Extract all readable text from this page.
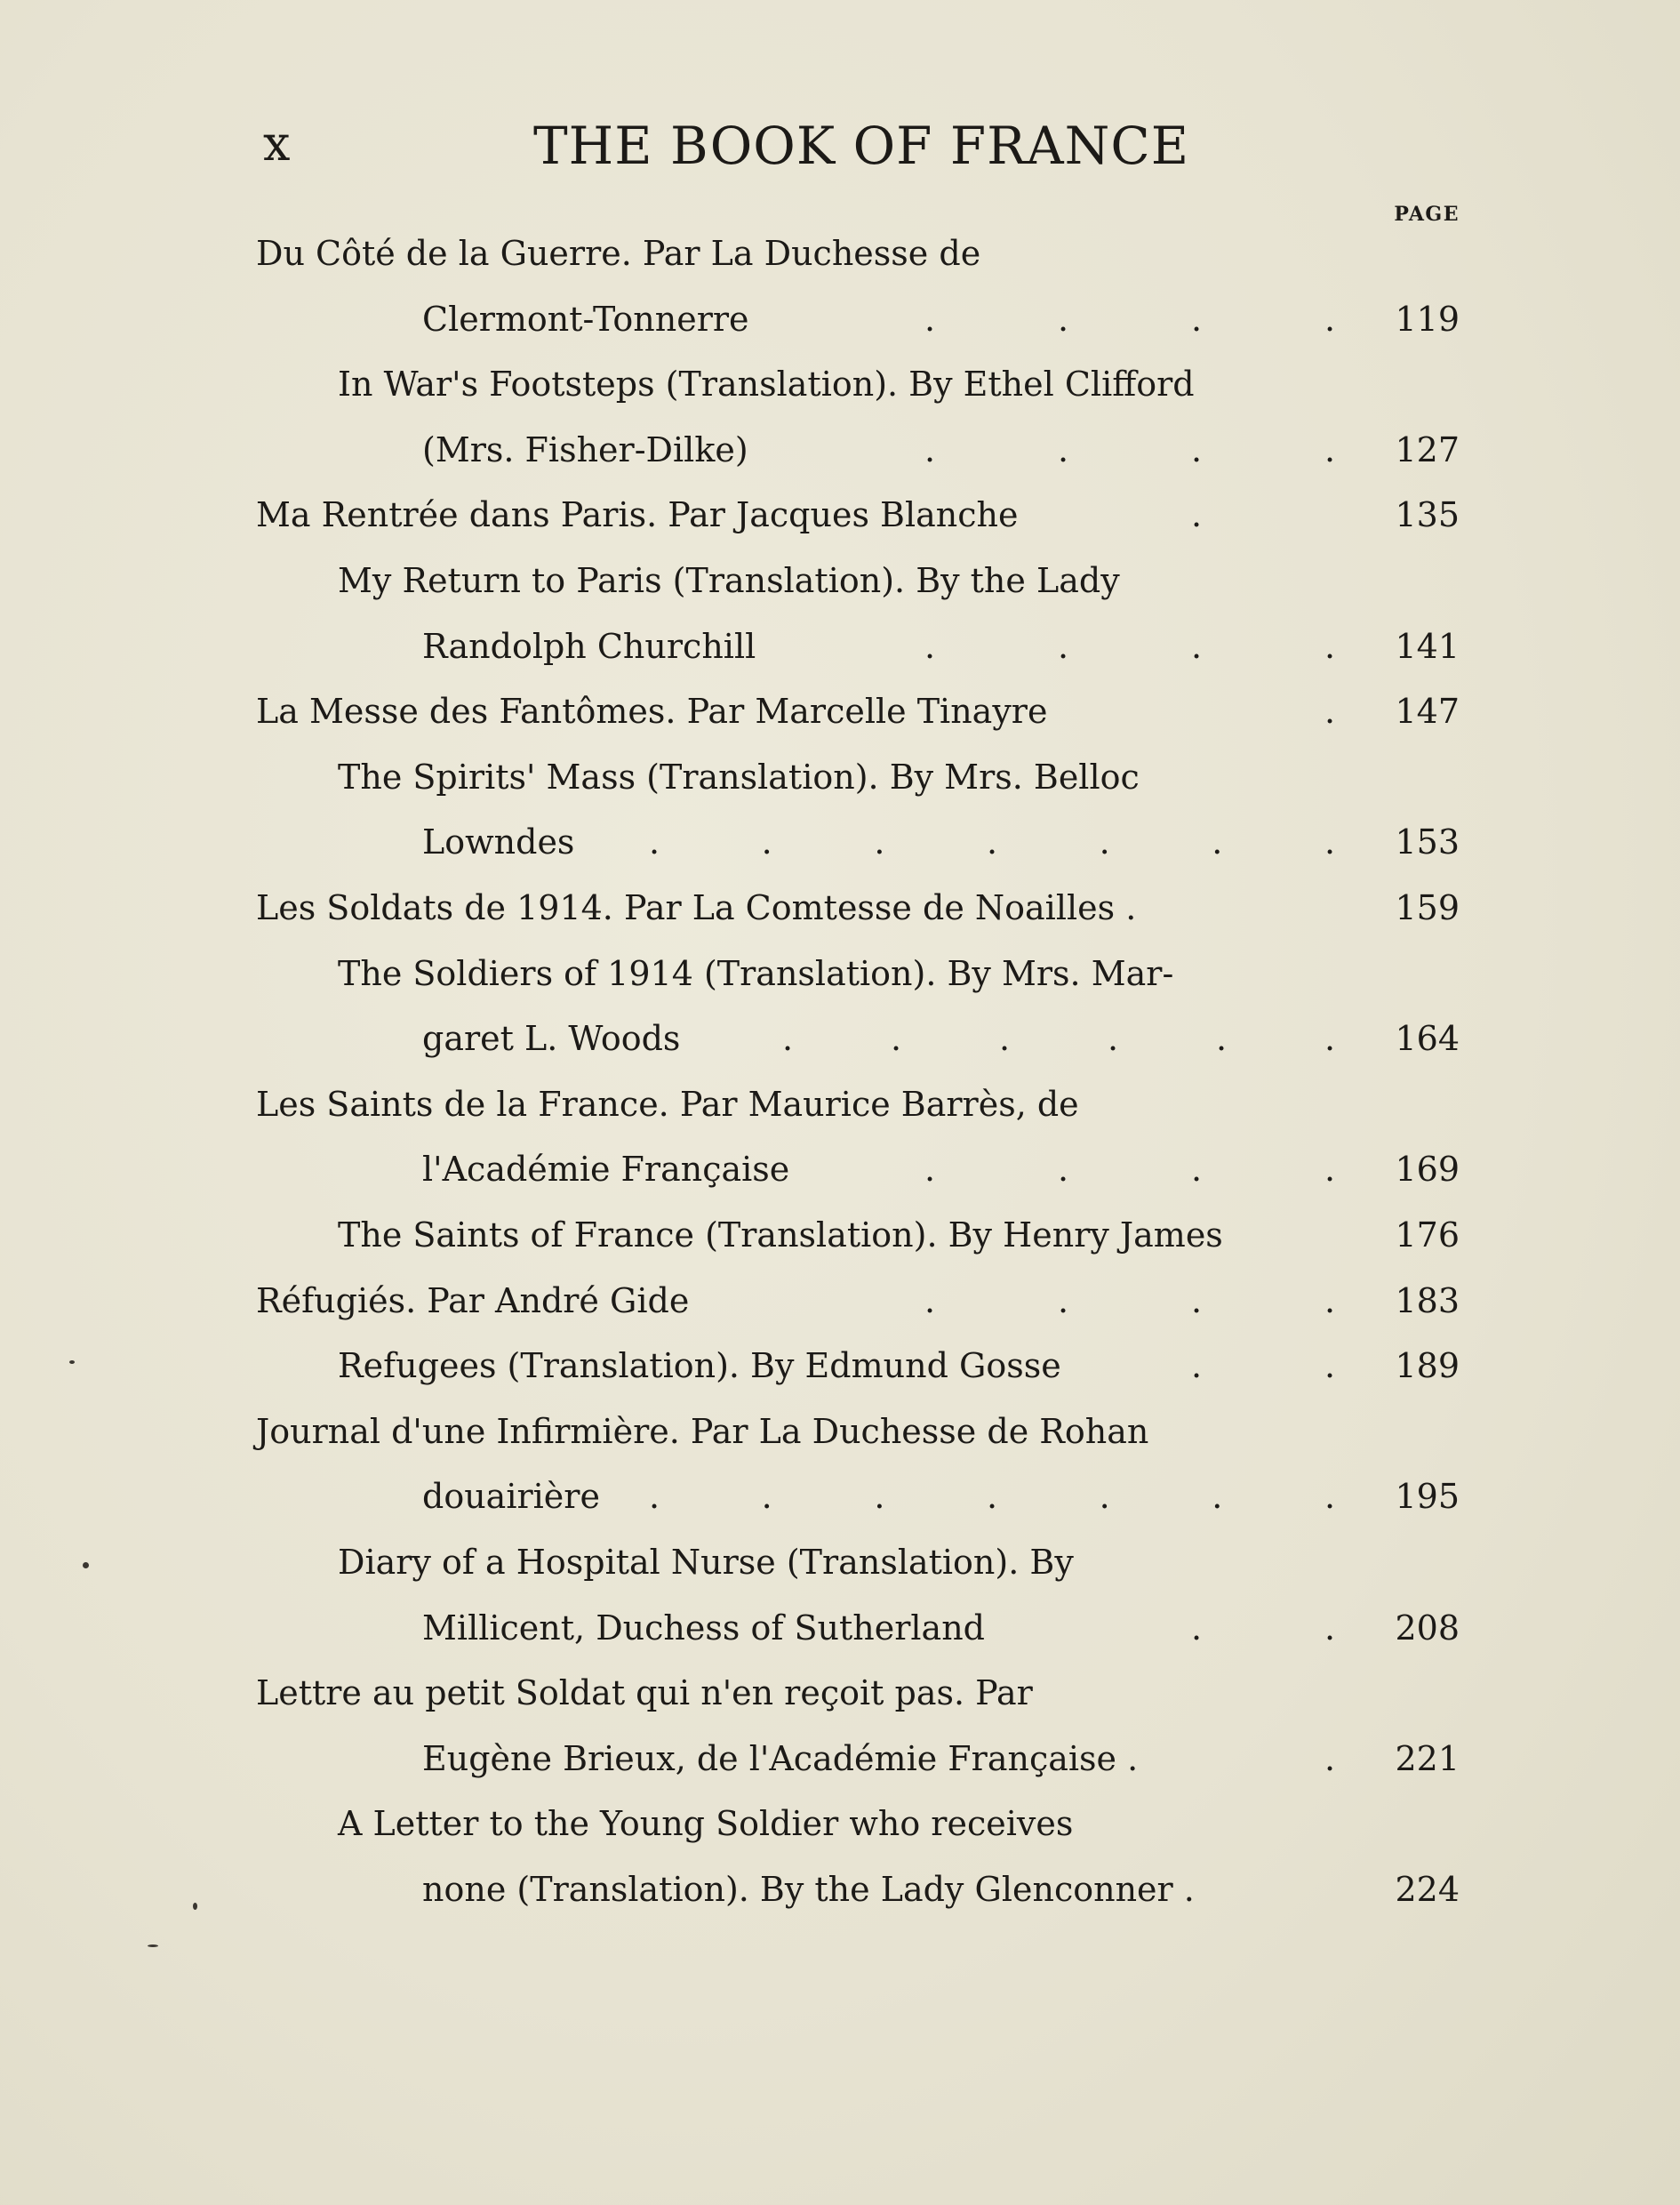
x	THE BOOK OF FRANCE
PAGE
Du Côté de la Guerre. Par La Duchesse de
Clermont-Tonnerre	.	.	.	.	119
In War's Footsteps (Translation). By Ethel Clifford
(Mrs. Fisher-Dilke)	.	.	.	.	127
Ma Rentrée dans Paris. Par Jacques Blanche	.	135
My Return to Paris (Translation). By the Lady
Randolph Churchill	.	.	.	.	141
La Messe des Fantômes. Par Marcelle Tinayre	.	147
The Spirits' Mass (Translation). By Mrs. Belloc
Lowndes .	.	.	.	.	.	.	153
Les Soldats de 1914. Par La Comtesse de Noailles .	159
The Soldiers of 1914 (Translation). By Mrs. Mar-
garet L. Woods	.	.	.	.	.	.	164
Les Saints de la France. Par Maurice Barrès, de
l'Académie Française	.	.	.	.	169
The Saints of France (Translation). By Henry James	176
Réfugiés. Par André Gide	.	.	.	.	183
Refugees (Translation). By Edmund Gosse	.	.	189
Journal d'une Infirmière. Par La Duchesse de Rohan
douairière .	.	.	.	.	.	.	195
Diary of a Hospital Nurse (Translation). By
Millicent, Duchess of Sutherland	.	.	208
Lettre au petit Soldat qui n'en reçoit pas. Par
Eugène Brieux, de l'Académie Française .	.	221
A Letter to the Young Soldier who receives
none (Translation). By the Lady Glenconner .	224
